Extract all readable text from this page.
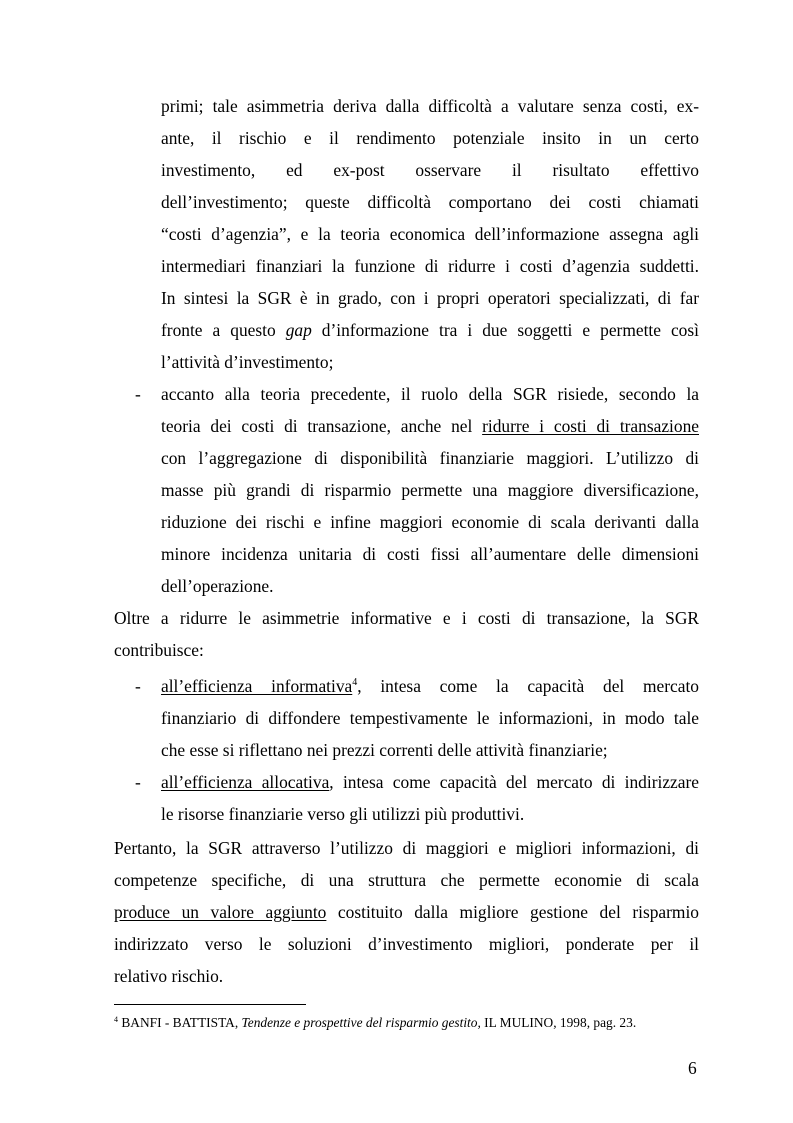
primi; tale asimmetria deriva dalla difficoltà a valutare senza costi, ex-
ante, il rischio e il rendimento potenziale insito in un certo
investimento, ed ex-post osservare il risultato effettivo
dell’investimento; queste difficoltà comportano dei costi chiamati
“costi d’agenzia”, e la teoria economica dell’informazione assegna agli
intermediari finanziari la funzione di ridurre i costi d’agenzia suddetti.
In sintesi la SGR è in grado, con i propri operatori specializzati, di far
fronte a questo gap d’informazione tra i due soggetti e permette così
l’attività d’investimento;
- accanto alla teoria precedente, il ruolo della SGR risiede, secondo la
teoria dei costi di transazione, anche nel ridurre i costi di transazione
con l’aggregazione di disponibilità finanziarie maggiori. L’utilizzo di
masse più grandi di risparmio permette una maggiore diversificazione,
riduzione dei rischi e infine maggiori economie di scala derivanti dalla
minore incidenza unitaria di costi fissi all’aumentare delle dimensioni
dell’operazione.
Oltre a ridurre le asimmetrie informative e i costi di transazione, la SGR
contribuisce:
- all’efficienza informativa$^4$, intesa come la capacità del mercato
finanziario di diffondere tempestivamente le informazioni, in modo tale
che esse si riflettano nei prezzi correnti delle attività finanziarie;
- all’efficienza allocativa, intesa come capacità del mercato di indirizzare
le risorse finanziarie verso gli utilizzi più produttivi.
Pertanto, la SGR attraverso l’utilizzo di maggiori e migliori informazioni, di
competenze specifiche, di una struttura che permette economie di scala
produce un valore aggiunto costituito dalla migliore gestione del risparmio
indirizzato verso le soluzioni d’investimento migliori, ponderate per il
relativo rischio.
$^4$ BANFI - BATTISTA, Tendenze e prospettive del risparmio gestito, IL MULINO, 1998, pag. 23.
6
